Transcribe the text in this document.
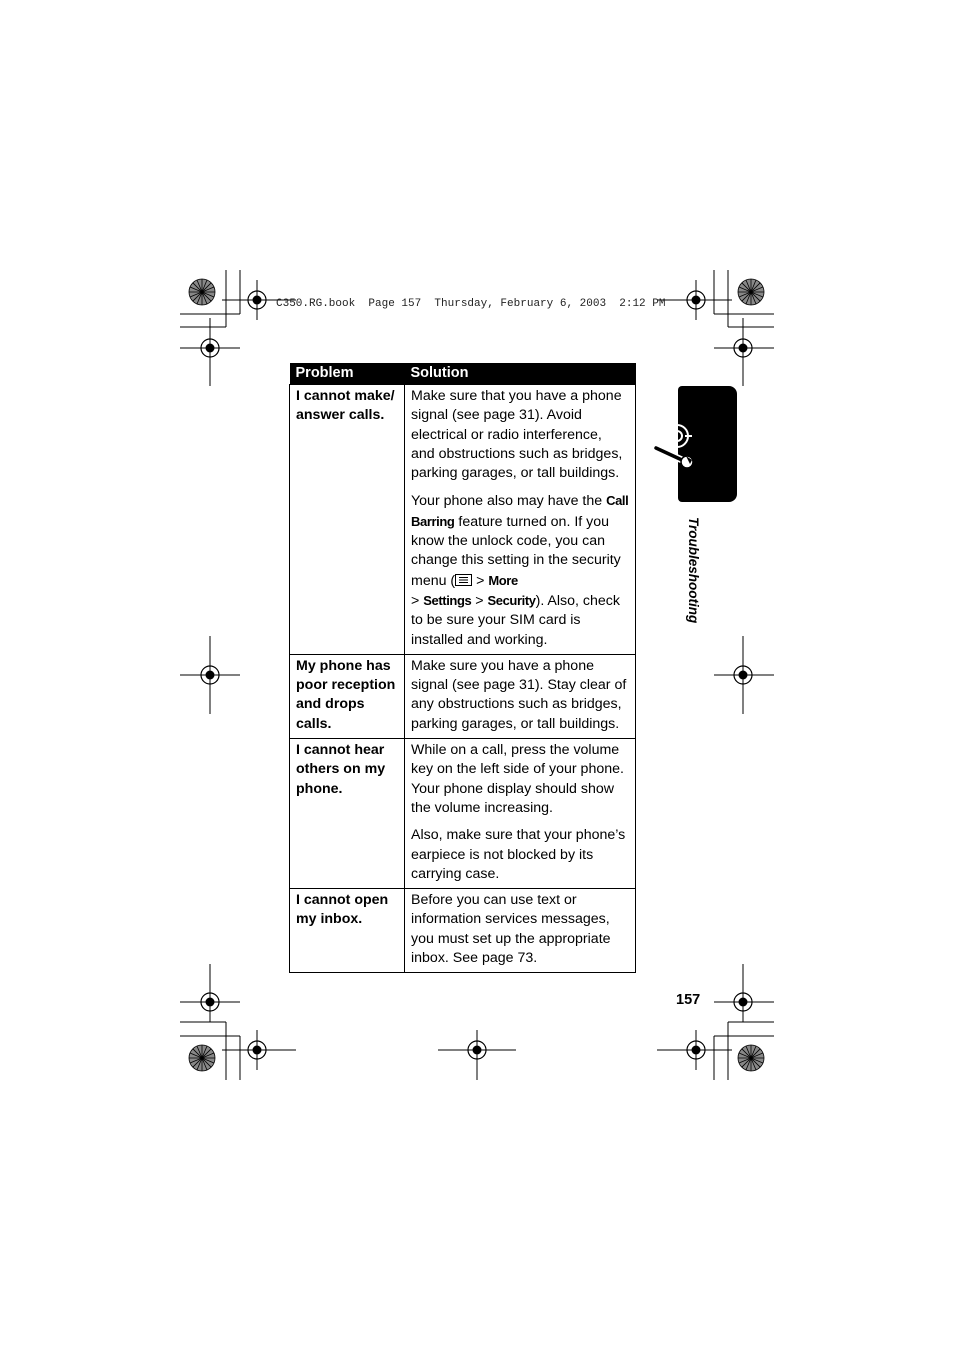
C350.RG.book  Page 157  Thursday, February 6, 2003  2:12 PM
Problem	Solution
I cannot make/ answer calls.	Make sure that you have a phone signal (see page 31). Avoid electrical or radio interference, and obstructions such as bridges, parking garages, or tall buildings.

Your phone also may have the Call Barring feature turned on. If you know the unlock code, you can change this setting in the security menu ( > More
> Settings > Security). Also, check to be sure your SIM card is installed and working.

My phone has poor reception and drops calls.	Make sure you have a phone signal (see page 31). Stay clear of any obstructions such as bridges, parking garages, or tall buildings.

I cannot hear others on my phone.	While on a call, press the volume key on the left side of your phone. Your phone display should show the volume increasing.

Also, make sure that your phone’s earpiece is not blocked by its carrying case.

I cannot open my inbox.	Before you can use text or information services messages, you must set up the appropriate inbox. See page 73.

Troubleshooting
157
